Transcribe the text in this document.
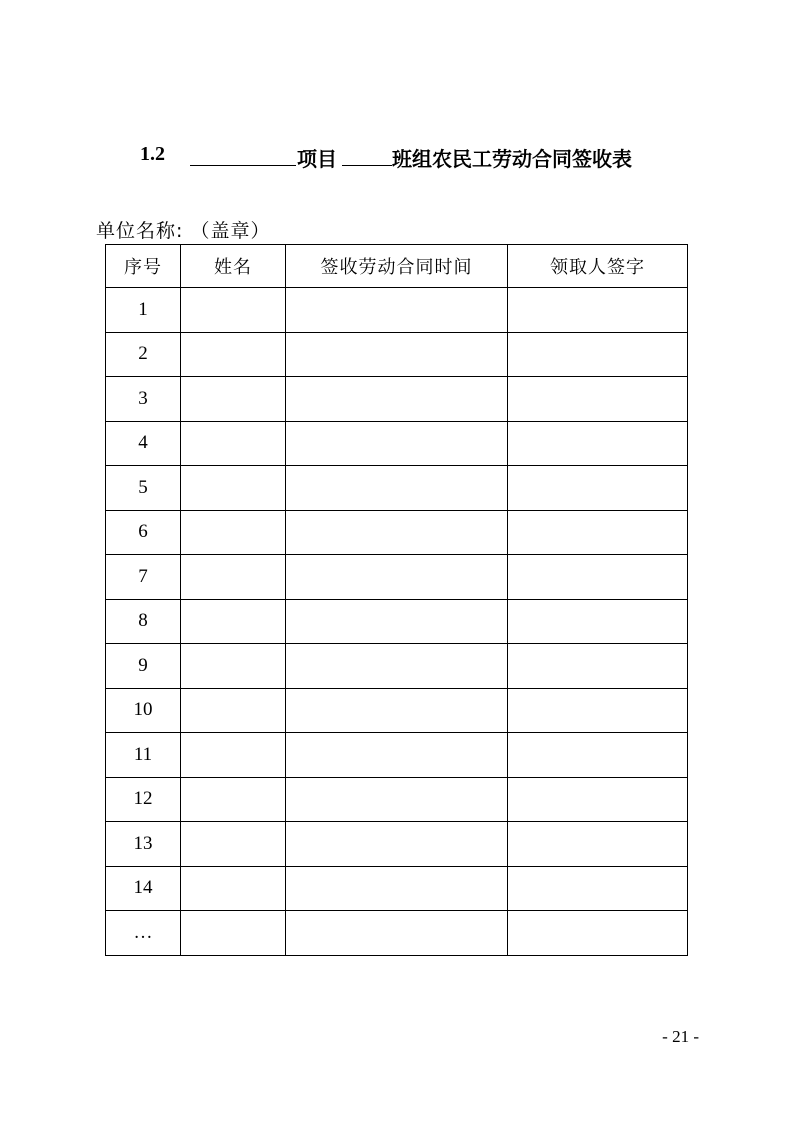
1.2	项目	班组农民工劳动合同签收表
单位名称: （盖章）
序号	姓名	签收劳动合同时间	领取人签字
1			
2			
3			
4			
5			
6			
7			
8			
9			
10			
11			
12			
13			
14			
…			
- 21 -
